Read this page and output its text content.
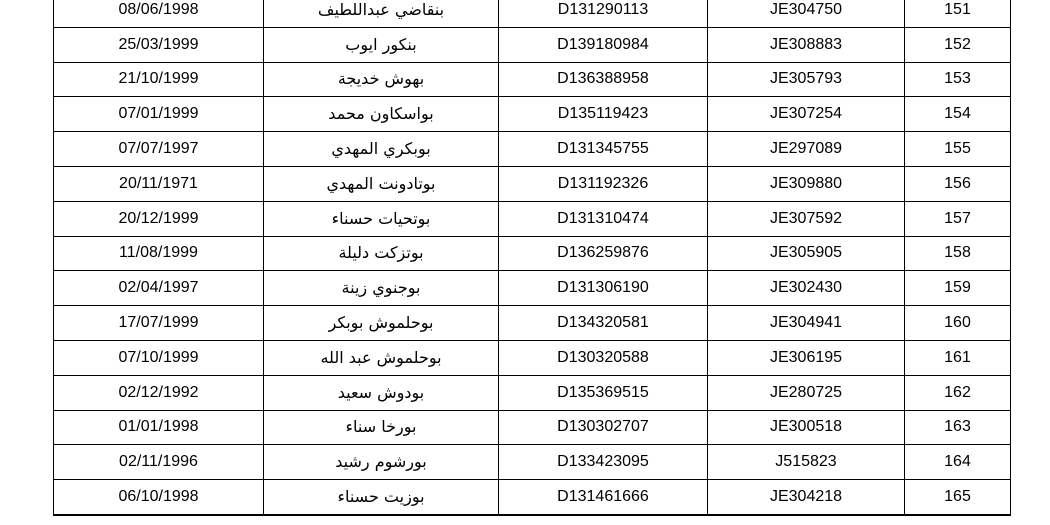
08/06/1998	بنقاضي عبداللطيف	D131290113	JE304750	151
25/03/1999	بنكور ايوب	D139180984	JE308883	152
21/10/1999	بهوش خديجة	D136388958	JE305793	153
07/01/1999	بواسكاون محمد	D135119423	JE307254	154
07/07/1997	بوبكري المهدي	D131345755	JE297089	155
20/11/1971	بوتادونت المهدي	D131192326	JE309880	156
20/12/1999	بوتحيات حسناء	D131310474	JE307592	157
11/08/1999	بوتزكت دليلة	D136259876	JE305905	158
02/04/1997	بوجنوي زينة	D131306190	JE302430	159
17/07/1999	بوحلموش بوبكر	D134320581	JE304941	160
07/10/1999	بوحلموش عبد الله	D130320588	JE306195	161
02/12/1992	بودوش سعيد	D135369515	JE280725	162
01/01/1998	بورخا سناء	D130302707	JE300518	163
02/11/1996	بورشوم رشيد	D133423095	J515823	164
06/10/1998	بوزيت حسناء	D131461666	JE304218	165
